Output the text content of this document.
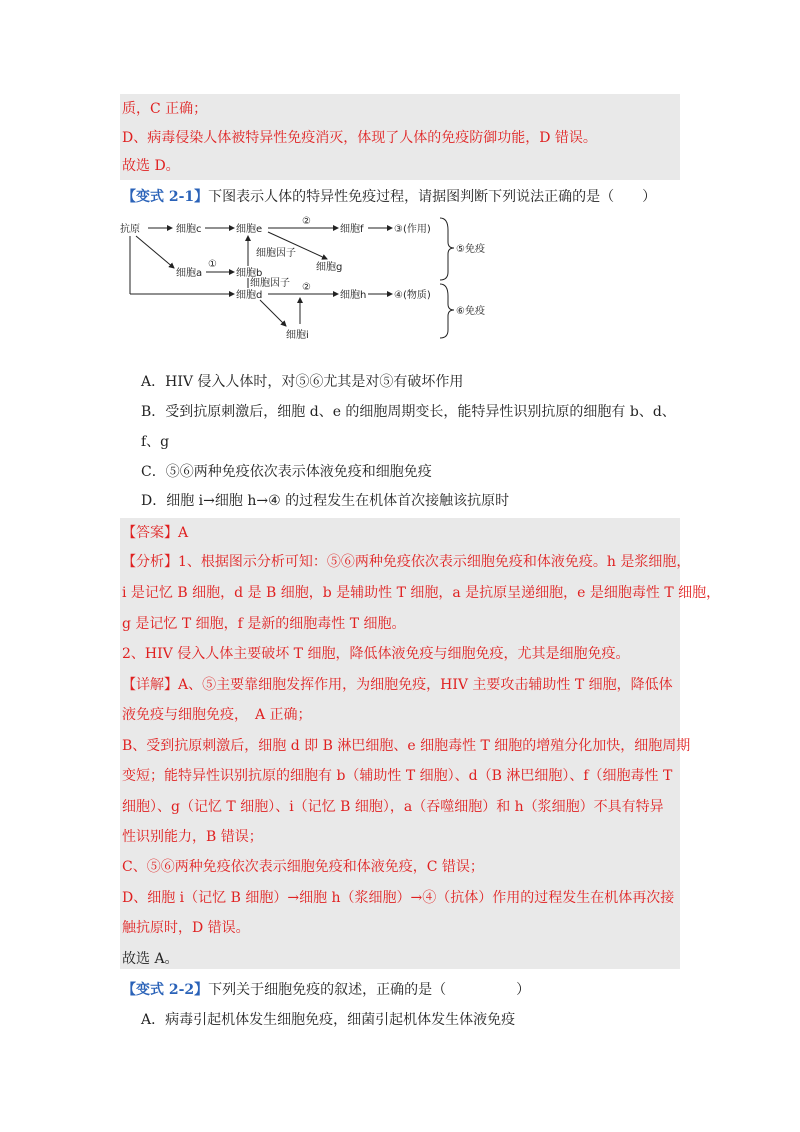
质，C 正确；
D、病毒侵染人体被特异性免疫消灭，体现了人体的免疫防御功能，D 错误。
故选 D。
【变式 2-1】下图表示人体的特异性免疫过程，请据图判断下列说法正确的是（　　）
抗原	细胞c	细胞e
②
细胞f	③(作用)
细胞因子
细胞g
①
细胞a	细胞b
细胞因子
细胞d
②
细胞h	④(物质)
细胞i
⑤免疫
⑥免疫
A．HIV 侵入人体时，对⑤⑥尤其是对⑤有破坏作用
B．受到抗原刺激后，细胞 d、e 的细胞周期变长，能特异性识别抗原的细胞有 b、d、
f、g
C．⑤⑥两种免疫依次表示体液免疫和细胞免疫
D．细胞 i→细胞 h→④ 的过程发生在机体首次接触该抗原时
【答案】A
【分析】1、根据图示分析可知：⑤⑥两种免疫依次表示细胞免疫和体液免疫。h 是浆细胞，
i 是记忆 B 细胞，d 是 B 细胞，b 是辅助性 T 细胞，a 是抗原呈递细胞，e 是细胞毒性 T 细胞，
g 是记忆 T 细胞，f 是新的细胞毒性 T 细胞。
2、HIV 侵入人体主要破坏 T 细胞，降低体液免疫与细胞免疫，尤其是细胞免疫。
【详解】A、⑤主要靠细胞发挥作用，为细胞免疫，HIV 主要攻击辅助性 T 细胞，降低体
液免疫与细胞免疫，　A 正确；
B、受到抗原刺激后，细胞 d 即 B 淋巴细胞、e 细胞毒性 T 细胞的增殖分化加快，细胞周期
变短；能特异性识别抗原的细胞有 b（辅助性 T 细胞）、d（B 淋巴细胞）、f（细胞毒性 T
细胞）、g（记忆 T 细胞）、i（记忆 B 细胞），a（吞噬细胞）和 h（浆细胞）不具有特异
性识别能力，B 错误；
C、⑤⑥两种免疫依次表示细胞免疫和体液免疫，C 错误；
D、细胞 i（记忆 B 细胞）→细胞 h（浆细胞）→④（抗体）作用的过程发生在机体再次接
触抗原时，D 错误。
故选 A。
【变式 2-2】下列关于细胞免疫的叙述，正确的是（　　　　　）
A．病毒引起机体发生细胞免疫，细菌引起机体发生体液免疫
